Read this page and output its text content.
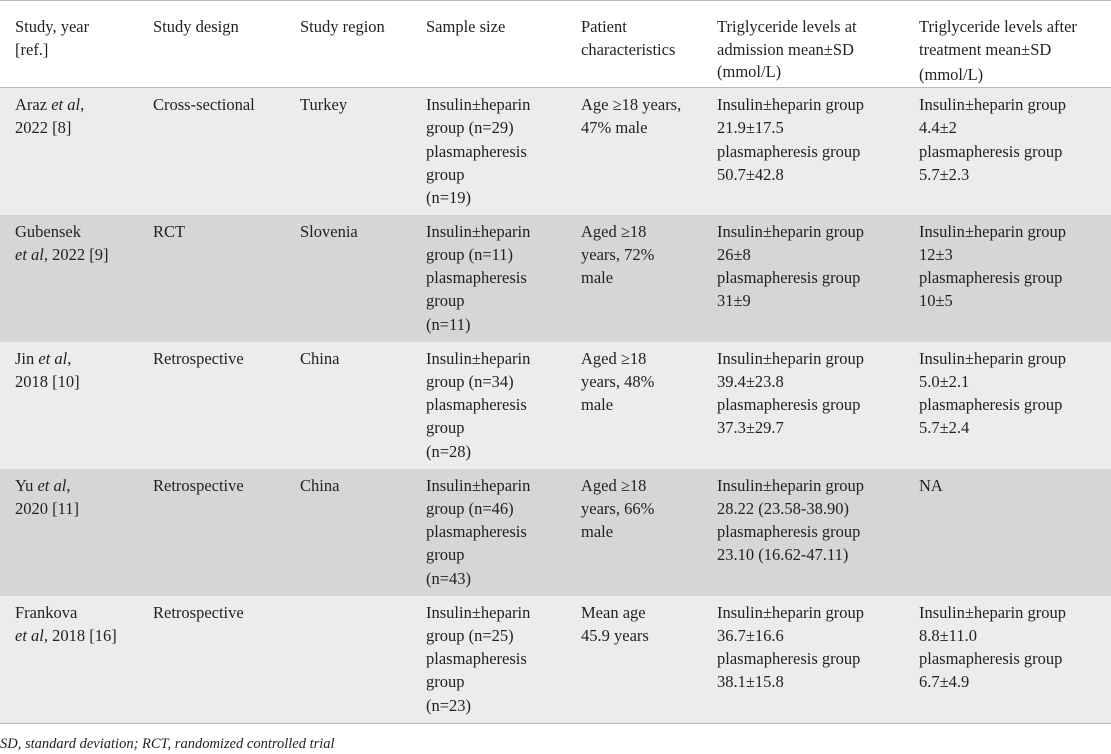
Study, year
[ref.]	Study design	Study region	Sample size	Patient
characteristics	Triglyceride levels at
admission mean±SD
(mmol/L)	Triglyceride levels after
treatment mean±SD
(mmol/L)

Araz et al,
2022 [8]	Cross-sectional	Turkey	Insulin±heparin
group (n=29)
plasmapheresis
group
(n=19)	Age ≥18 years,
47% male	Insulin±heparin group
21.9±17.5
plasmapheresis group
50.7±42.8	Insulin±heparin group
4.4±2
plasmapheresis group
5.7±2.3

Gubensek
et al, 2022 [9]	RCT	Slovenia	Insulin±heparin
group (n=11)
plasmapheresis
group
(n=11)	Aged ≥18
years, 72%
male	Insulin±heparin group
26±8
plasmapheresis group
31±9	Insulin±heparin group
12±3
plasmapheresis group
10±5

Jin et al,
2018 [10]	Retrospective	China	Insulin±heparin
group (n=34)
plasmapheresis
group
(n=28)	Aged ≥18
years, 48%
male	Insulin±heparin group
39.4±23.8
plasmapheresis group
37.3±29.7	Insulin±heparin group
5.0±2.1
plasmapheresis group
5.7±2.4

Yu et al,
2020 [11]	Retrospective	China	Insulin±heparin
group (n=46)
plasmapheresis
group
(n=43)	Aged ≥18
years, 66%
male	Insulin±heparin group
28.22 (23.58-38.90)
plasmapheresis group
23.10 (16.62-47.11)	NA

Frankova
et al, 2018 [16]	Retrospective		Insulin±heparin
group (n=25)
plasmapheresis
group
(n=23)	Mean age
45.9 years	Insulin±heparin group
36.7±16.6
plasmapheresis group
38.1±15.8	Insulin±heparin group
8.8±11.0
plasmapheresis group
6.7±4.9
SD, standard deviation; RCT, randomized controlled trial
